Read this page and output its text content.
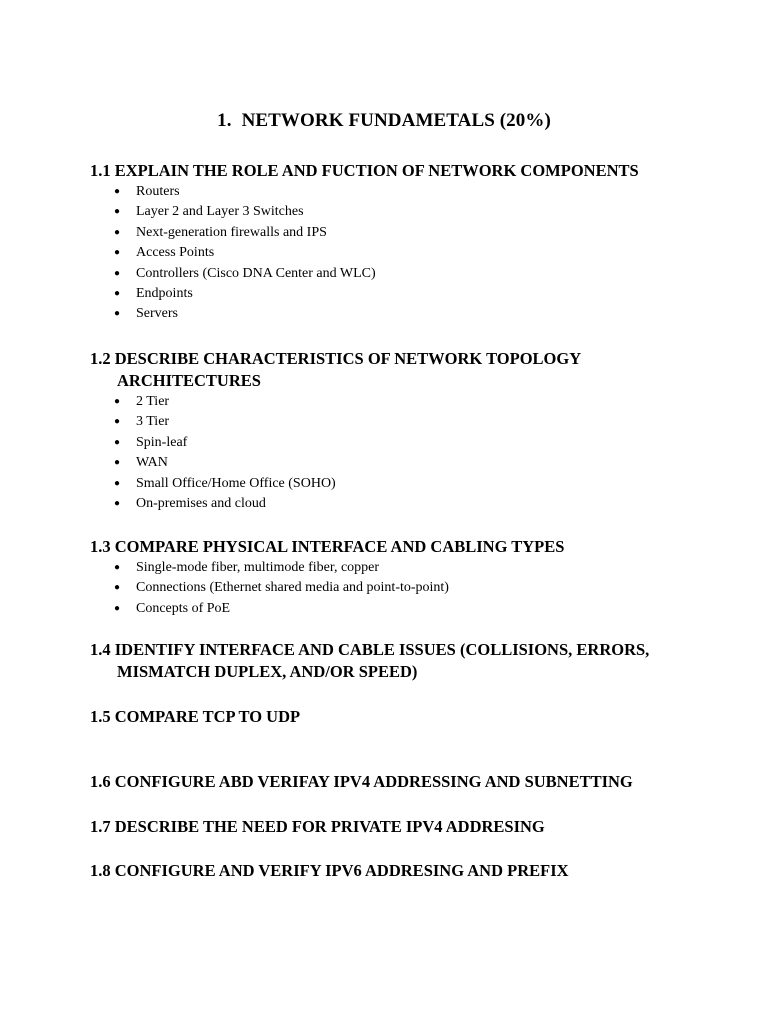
1. NETWORK FUNDAMETALS (20%)

1.1 EXPLAIN THE ROLE AND FUCTION OF NETWORK COMPONENTS

● Routers
● Layer 2 and Layer 3 Switches
● Next-generation firewalls and IPS
● Access Points
● Controllers (Cisco DNA Center and WLC)
● Endpoints
● Servers

1.2 DESCRIBE CHARACTERISTICS OF NETWORK TOPOLOGY ARCHITECTURES

● 2 Tier
● 3 Tier
● Spin-leaf
● WAN
● Small Office/Home Office (SOHO)
● On-premises and cloud

1.3 COMPARE PHYSICAL INTERFACE AND CABLING TYPES

● Single-mode fiber, multimode fiber, copper
● Connections (Ethernet shared media and point-to-point)
● Concepts of PoE

1.4 IDENTIFY INTERFACE AND CABLE ISSUES (COLLISIONS, ERRORS, MISMATCH DUPLEX, AND/OR SPEED)

1.5 COMPARE TCP TO UDP

1.6 CONFIGURE ABD VERIFAY IPV4 ADDRESSING AND SUBNETTING

1.7 DESCRIBE THE NEED FOR PRIVATE IPV4 ADDRESING

1.8 CONFIGURE AND VERIFY IPV6 ADDRESING AND PREFIX
